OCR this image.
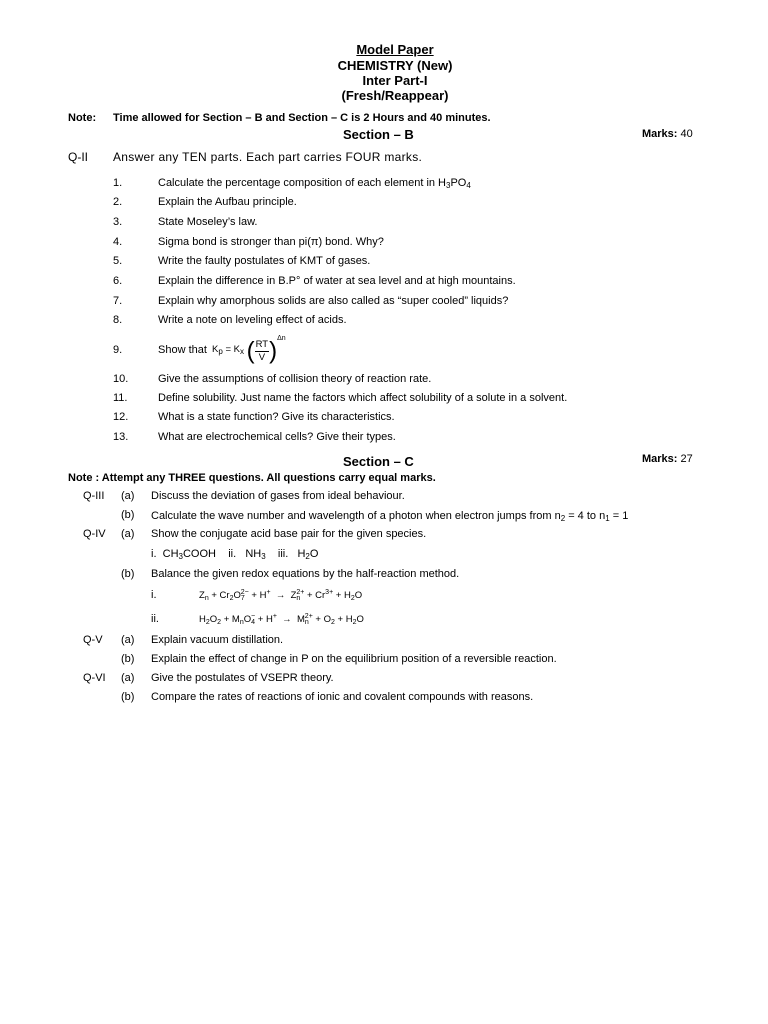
Model Paper
CHEMISTRY (New)
Inter Part-I
(Fresh/Reappear)
Note: Time allowed for Section – B and Section – C is 2 Hours and 40 minutes.
Section – B	Marks: 40
Q-II Answer any TEN parts. Each part carries FOUR marks.
1.	Calculate the percentage composition of each element in $H_3PO_4$
2.	Explain the Aufbau principle.
3.	State Moseley’s law.
4.	Sigma bond is stronger than pi(π) bond. Why?
5.	Write the faulty postulates of KMT of gases.
6.	Explain the difference in B.P° of water at sea level and at high mountains.
7.	Explain why amorphous solids are also called as “super cooled” liquids?
8.	Write a note on leveling effect of acids.
9.	Show that $K_p = K_x$ ( $\frac{RT}{V} )^{\Delta n}$
10.	Give the assumptions of collision theory of reaction rate.
11.	Define solubility. Just name the factors which affect solubility of a solute in a solvent.
12.	What is a state function? Give its characteristics.
13.	What are electrochemical cells? Give their types.
Section – C	Marks: 27
Note : Attempt any THREE questions. All questions carry equal marks.
Q-III (a) Discuss the deviation of gases from ideal behaviour.
(b) Calculate the wave number and wavelength of a photon when electron jumps from $n_2 = 4$ to $n_1 = 1$
Q-IV (a) Show the conjugate acid base pair for the given species.
i. $CH_3COOH$ ii. $NH_3$ iii. $H_2O$
(b) Balance the given redox equations by the half-reaction method.
i.	$Z_n + Cr_2O_7^{2-} + H^+ \to Z_n^{2+} + Cr^{3+} + H_2O$
ii.	$H_2O_2 + M_nO_4^- + H^+ \to M_n^{2+} + O_2 + H_2O$
Q-V (a) Explain vacuum distillation.
(b) Explain the effect of change in P on the equilibrium position of a reversible reaction.
Q-VI (a) Give the postulates of VSEPR theory.
(b) Compare the rates of reactions of ionic and covalent compounds with reasons.
